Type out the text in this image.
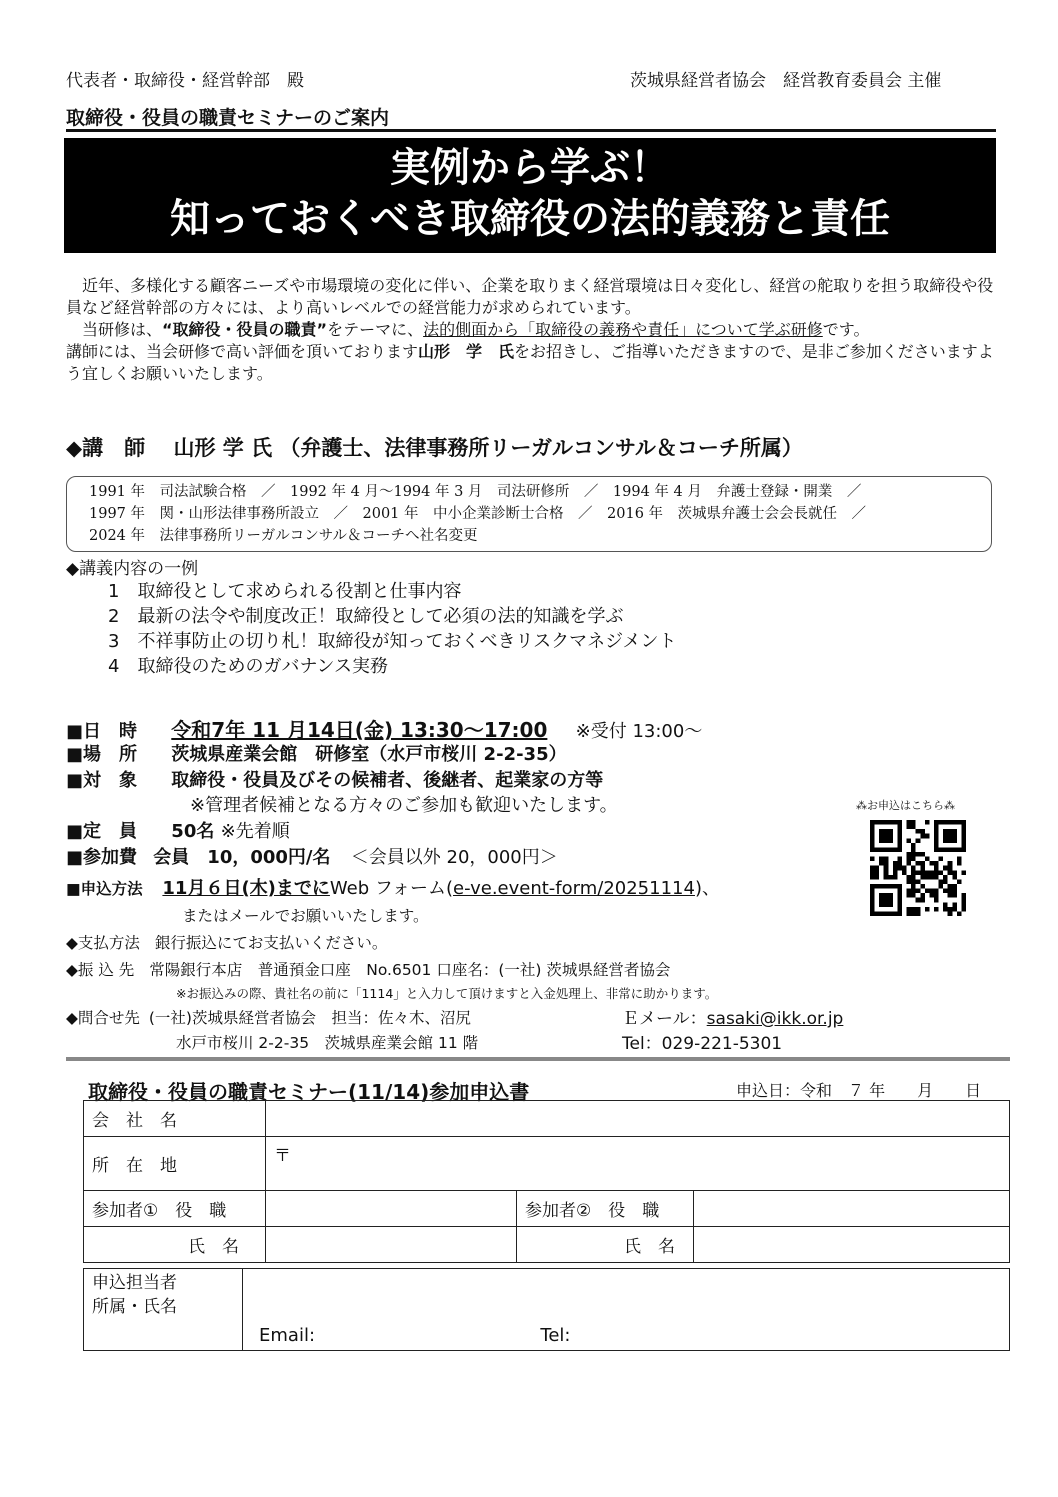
代表者・取締役・経営幹部　殿	茨城県経営者協会　経営教育委員会 主催
取締役・役員の職責セミナーのご案内
実例から学ぶ！
知っておくべき取締役の法的義務と責任
近年、多様化する顧客ニーズや市場環境の変化に伴い、企業を取りまく経営環境は日々変化し、経営の舵取りを担う取締役や役員など経営幹部の方々には、より高いレベルでの経営能力が求められています。
当研修は、“取締役・役員の職責”をテーマに、法的側面から「取締役の義務や責任」について学ぶ研修です。
講師には、当会研修で高い評価を頂いております山形　学　氏をお招きし、ご指導いただきますので、是非ご参加くださいますよう宜しくお願いいたします。
◆講　師　 山形 学 氏 （弁護士、法律事務所リーガルコンサル＆コーチ所属）
1991 年　司法試験合格　／　1992 年 4 月～1994 年 3 月　司法研修所　／　1994 年 4 月　弁護士登録・開業　／
1997 年　関・山形法律事務所設立　／　2001 年　中小企業診断士合格　／　2016 年　茨城県弁護士会会長就任　／
2024 年　法律事務所リーガルコンサル＆コーチへ社名変更
◆講義内容の一例
1　取締役として求められる役割と仕事内容
2　最新の法令や制度改正！取締役として必須の法的知識を学ぶ
3　不祥事防止の切り札！取締役が知っておくべきリスクマネジメント
4　取締役のためのガバナンス実務
■日　時 令和7年 11 月14日(金) 13:30～17:00 ※受付 13:00～
■場　所 茨城県産業会館　研修室（水戸市桜川 2-2-35）
■対　象 取締役・役員及びその候補者、後継者、起業家の方等
※管理者候補となる方々のご参加も歓迎いたします。
■定　員 50名 ※先着順
■参加費 会員　10，000円/名 ＜会員以外 20，000円＞
■申込方法 11月６日(木)までにWeb フォーム(e-ve.event-form/20251114)、
またはメールでお願いいたします。
◆支払方法 銀行振込にてお支払いください。
◆振 込 先 常陽銀行本店　普通預金口座　No.6501 口座名：(一社) 茨城県経営者協会
※お振込みの際、貴社名の前に「1114」と入力して頂けますと入金処理上、非常に助かります。
◆問合せ先 (一社)茨城県経営者協会　担当：佐々木、沼尻	Ｅメール：sasaki@ikk.or.jp
水戸市桜川 2-2-35　茨城県産業会館 11 階	Tel：029-221-5301
⁂お申込はこちら⁂
取締役・役員の職責セミナー(11/14)参加申込書	申込日：令和　７ 年　　月　　日
会　社　名			
所　在　地	〒		
参加者①　役　職		参加者②　役　職	
氏　名		氏　名	
申込担当者
所属・氏名
	Email:	Tel:
